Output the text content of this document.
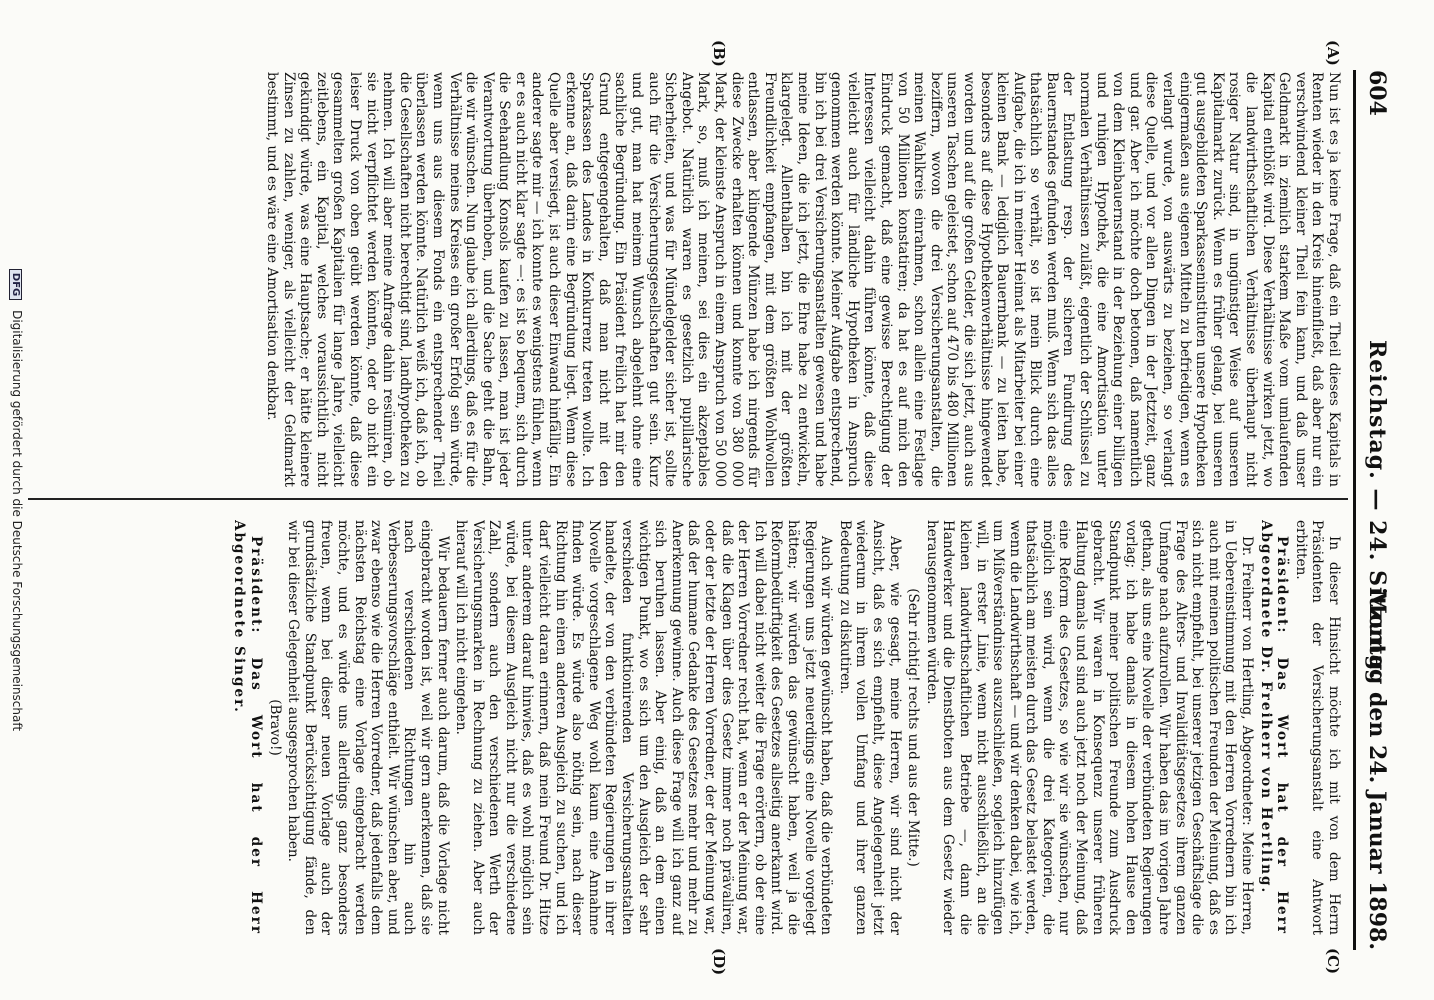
604
Reichstag. — 24. Sitzung.
Montag den 24. Januar 1898.
(A)
(B)
(C)
(D)

Nun ist es ja keine Frage, daß ein Theil dieses Kapitals in Renten wieder in den Kreis hineinfließt, daß aber nur ein verschwindend kleiner Theil fein kann, und daß unser Geldmarkt in ziemlich starkem Maße vom umlaufenden Kapital entblößt wird. Diese Verhältnisse wirken jetzt, wo die landwirthschaftlichen Verhältnisse überhaupt nicht rosiger Natur sind, in ungünstiger Weise auf unseren Kapitalmarkt zurück. Wenn es früher gelang, bei unseren gut ausgebildeten Sparkasseninstituten unsere Hypotheken einigermaßen aus eigenen Mitteln zu befriedigen, wenn es verlangt wurde, von auswärts zu beziehen, so verlangt diese Quelle, und vor allen Dingen in der Jetztzeit, ganz und gar. Aber ich möchte doch betonen, daß namentlich von dem Kleinbauernstand in der Beziehung einer billigen und ruhigen Hypothek, die eine Amortisation unter normalen Verhältnissen zuläßt, eigentlich der Schlüssel zu der Entlastung resp. der sicheren Fundirung des Bauernstandes gefunden werden muß. Wenn sich das alles thatsächlich so verhält, so ist mein Blick durch eine Aufgabe, die ich in meiner Heimat als Mitarbeiter bei einer kleinen Bank — lediglich Bauernbank — zu leiten habe, besonders auf diese Hypothekenverhältnisse hingewendet worden und auf die großen Gelder, die sich jetzt, auch aus unseren Taschen geleistet, schon auf 470 bis 480 Millionen beziffern, wovon die drei Versicherungsanstalten, die meinen Wahlkreis einrahmen, schon allein eine Festlage von 50 Millionen konstatiren; da hat es auf mich den Eindruck gemacht, daß eine gewisse Berechtigung der Interessen vielleicht dahin führen könnte, daß diese vielleicht auch für ländliche Hypotheken in Anspruch genommen werden könnte. Meiner Aufgabe entsprechend, bin ich bei drei Versicherungsanstalten gewesen und habe meine Ideen, die ich jetzt, die Ehre habe zu entwickeln, klargelegt. Allenthalben bin ich mit der größten Freundlichkeit empfangen, mit dem größten Wohlwollen entlassen, aber klingende Münzen habe ich nirgends für diese Zwecke erhalten können und konnte von 380 000 Mark, der kleinste Anspruch in einem Anspruch von 50 000 Mark, so, muß ich meinen, sei dies ein akzeptables Angebot. Natürlich waren es gesetzlich pupillarische Sicherheiten, und was für Mündelgelder sicher ist, sollte auch für die Versicherungsgesellschaften gut sein. Kurz und gut, man hat meinem Wunsch abgelehnt ohne eine sachliche Begründung. Ein Präsident freilich hat mir den Grund entgegengehalten, daß man nicht mit den Sparkassen des Landes in Konkurrenz treten wollte. Ich erkenne an, daß darin eine Begründung liegt. Wenn diese Quelle aber versiegt, ist auch dieser Einwand hinfällig. Ein anderer sagte mir — ich konnte es wenigstens fühlen, wenn er es auch nicht klar sagte —: es ist so bequem, sich durch die Seehandlung Konsols kaufen zu lassen, man ist jeder Verantwortung überhoben, und die Sache geht die Bahn, die wir wünschen. Nun glaube ich allerdings, daß es für die Verhältnisse meines Kreises ein großer Erfolg sein würde, wenn uns aus diesem Fonds ein entsprechender Theil überlassen werden könnte. Natürlich weiß ich, daß ich, ob die Gesellschaften nicht berechtigt sind, landhypotheken zu nehmen. Ich will aber meine Anfrage dahin resümiren, ob sie nicht verpflichtet werden könnten, oder ob nicht ein leiser Druck von oben geübt werden könnte, daß diese gesammelten großen Kapitalien für lange Jahre, vielleicht zeitlebens, ein Kapital, welches voraussichtlich nicht gekündigt würde, was eine Hauptsache; er hätte kleinere Zinsen zu zahlen, weniger, als vielleicht der Geldmarkt bestimmt, und es wäre eine Amortisation denkbar.

In dieser Hinsicht möchte ich mit von dem Herrn Präsidenten der Versicherungsanstalt eine Antwort erbitten.

Präsident: Das Wort hat der Herr Abgeordnete Dr. Freiherr von Hertling.

Dr. Freiherr von Hertling, Abgeordneter: Meine Herren, in Uebereinstimmung mit den Herren Vorrednern bin ich auch mit meinen politischen Freunden der Meinung, daß es sich nicht empfiehlt, bei unserer jetzigen Geschäftslage die Frage des Alters- und Invaliditätsgesetzes ihrem ganzen Umfange nach aufzurollen. Wir haben das im vorigen Jahre gethan, als uns eine Novelle der verbündeten Regierungen vorlag; ich habe damals in diesem hohen Hause den Standpunkt meiner politischen Freunde zum Ausdruck gebracht. Wir waren in Konsequenz unserer früheren Haltung damals und sind auch jetzt noch der Meinung, daß eine Reform des Gesetzes, so wie wir sie wünschen, nur möglich sein wird, wenn die drei Kategorien, die thatsächlich am meisten durch das Gesetz belastet werden, wenn die Landwirthschaft — und wir denken dabei, wie ich, um Mißverständnisse auszuschließen, sogleich hinzufügen will, in erster Linie, wenn nicht ausschließlich, an die kleinen landwirthschaftlichen Betriebe —, dann die Handwerker und die Dienstboten aus dem Gesetz wieder herausgenommen würden.

(Sehr richtig! rechts und aus der Mitte.)

Aber, wie gesagt, meine Herren, wir sind nicht der Ansicht, daß es sich empfiehlt, diese Angelegenheit jetzt wiederum in ihrem vollen Umfang und ihrer ganzen Bedeutung zu diskutiren.

Auch wir würden gewünscht haben, daß die verbündeten Regierungen uns jetzt neuerdings eine Novelle vorgelegt hätten; wir würden das gewünscht haben, weil ja die Reformbedürftigkeit des Gesetzes allseitig anerkannt wird. Ich will dabei nicht weiter die Frage erörtern, ob der eine der Herren Vorredner recht hat, wenn er der Meinung war, daß die Klagen über dies Gesetz immer noch prävaliren, oder der letzte der Herren Vorredner, der der Meinung war, daß der humane Gedanke des Gesetzes mehr und mehr zu Anerkennung gewinne. Auch diese Frage will ich ganz auf sich beruhen lassen. Aber einig, daß an dem einen wichtigen Punkt, wo es sich um den Ausgleich der sehr verschieden funktionirenden Versicherungsanstalten handelte, der von den verbündeten Regierungen in ihrer Novelle vorgeschlagene Weg wohl kaum eine Annahme finden würde. Es würde also nöthig sein, nach dieser Richtung hin einen anderen Ausgleich zu suchen, und ich darf vielleicht daran erinnern, daß mein Freund Dr. Hitze unter anderem darauf hinwies, daß es wohl möglich sein würde, bei diesem Ausgleich nicht nur die verschiedene Zahl, sondern auch den verschiedenen Werth der Versicherungsmarken in Rechnung zu ziehen. Aber auch hierauf will ich nicht eingehen.

Wir bedauern ferner auch darum, daß die Vorlage nicht eingebracht worden ist, weil wir gern anerkennen, daß sie nach verschiedenen Richtungen hin auch Verbesserungsvorschläge enthielt. Wir wünschen aber, und zwar ebenso wie die Herren Vorredner, daß jedenfalls dem nächsten Reichstag eine Vorlage eingebracht werden möchte, und es würde uns allerdings ganz besonders freuen, wenn bei dieser neuen Vorlage auch der grundsätzliche Standpunkt Berücksichtigung fände, den wir bei dieser Gelegenheit ausgesprochen haben.

(Bravo!)

Präsident: Das Wort hat der Herr Abgeordnete Singer.

DFG Digitalisierung gefördert durch die Deutsche Forschungsgemeinschaft
